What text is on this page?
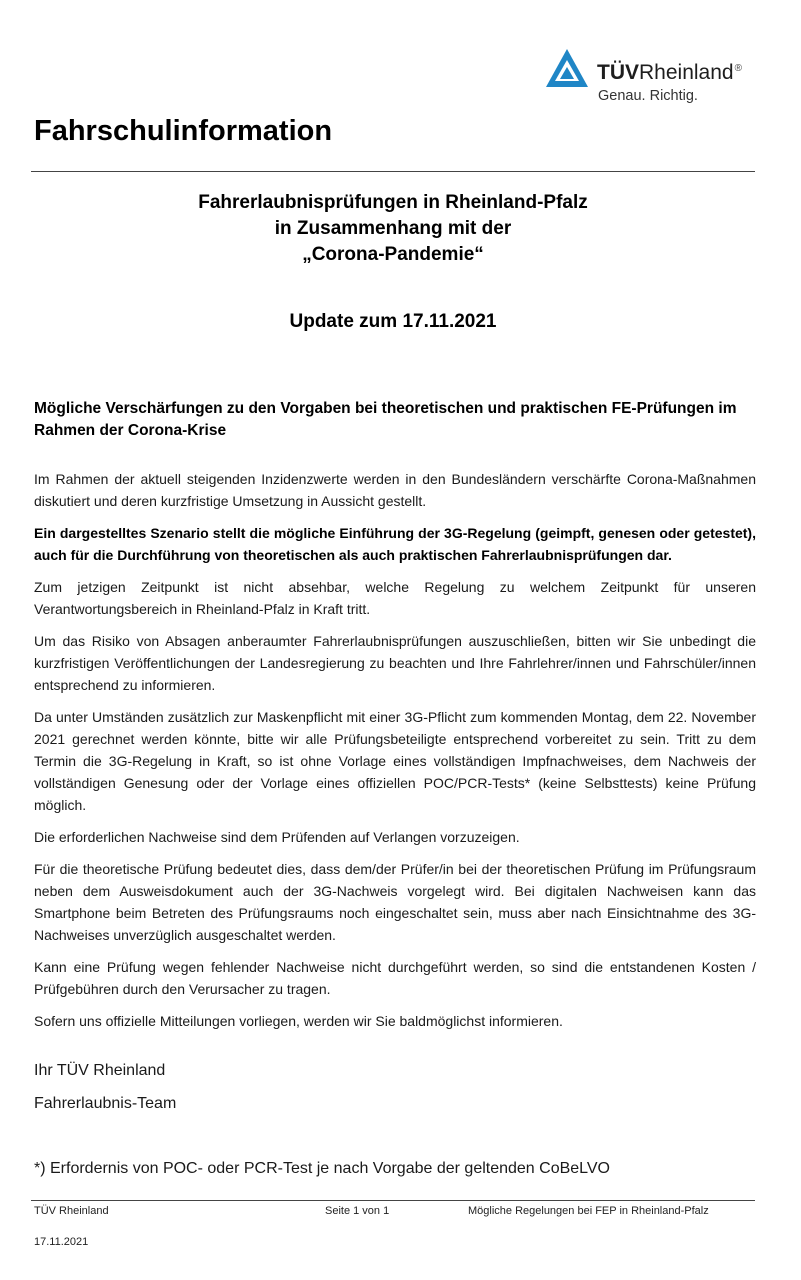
TÜVRheinland®
Genau. Richtig.
Fahrschulinformation
Fahrerlaubnisprüfungen in Rheinland-Pfalz
in Zusammenhang mit der
„Corona-Pandemie“
Update zum 17.11.2021
Mögliche Verschärfungen zu den Vorgaben bei theoretischen und praktischen FE-Prüfungen im Rahmen der Corona-Krise

Im Rahmen der aktuell steigenden Inzidenzwerte werden in den Bundesländern verschärfte Corona-Maßnahmen diskutiert und deren kurzfristige Umsetzung in Aussicht gestellt.

Ein dargestelltes Szenario stellt die mögliche Einführung der 3G-Regelung (geimpft, genesen oder getestet), auch für die Durchführung von theoretischen als auch praktischen Fahrerlaubnisprüfungen dar.

Zum jetzigen Zeitpunkt ist nicht absehbar, welche Regelung zu welchem Zeitpunkt für unseren Verantwortungsbereich in Rheinland-Pfalz in Kraft tritt.

Um das Risiko von Absagen anberaumter Fahrerlaubnisprüfungen auszuschließen, bitten wir Sie unbedingt die kurzfristigen Veröffentlichungen der Landesregierung zu beachten und Ihre Fahrlehrer/innen und Fahrschüler/innen entsprechend zu informieren.

Da unter Umständen zusätzlich zur Maskenpflicht mit einer 3G-Pflicht zum kommenden Montag, dem 22. November 2021 gerechnet werden könnte, bitte wir alle Prüfungsbeteiligte entsprechend vorbereitet zu sein. Tritt zu dem Termin die 3G-Regelung in Kraft, so ist ohne Vorlage eines vollständigen Impfnachweises, dem Nachweis der vollständigen Genesung oder der Vorlage eines offiziellen POC/PCR-Tests* (keine Selbsttests) keine Prüfung möglich.

Die erforderlichen Nachweise sind dem Prüfenden auf Verlangen vorzuzeigen.

Für die theoretische Prüfung bedeutet dies, dass dem/der Prüfer/in bei der theoretischen Prüfung im Prüfungsraum neben dem Ausweisdokument auch der 3G-Nachweis vorgelegt wird. Bei digitalen Nachweisen kann das Smartphone beim Betreten des Prüfungsraums noch eingeschaltet sein, muss aber nach Einsichtnahme des 3G-Nachweises unverzüglich ausgeschaltet werden.

Kann eine Prüfung wegen fehlender Nachweise nicht durchgeführt werden, so sind die entstandenen Kosten / Prüfgebühren durch den Verursacher zu tragen.

Sofern uns offizielle Mitteilungen vorliegen, werden wir Sie baldmöglichst informieren.

Ihr TÜV Rheinland
Fahrerlaubnis-Team
*) Erfordernis von POC- oder PCR-Test je nach Vorgabe der geltenden CoBeLVO
TÜV Rheinland	Seite 1 von 1	Mögliche Regelungen bei FEP in Rheinland-Pfalz
17.11.2021
